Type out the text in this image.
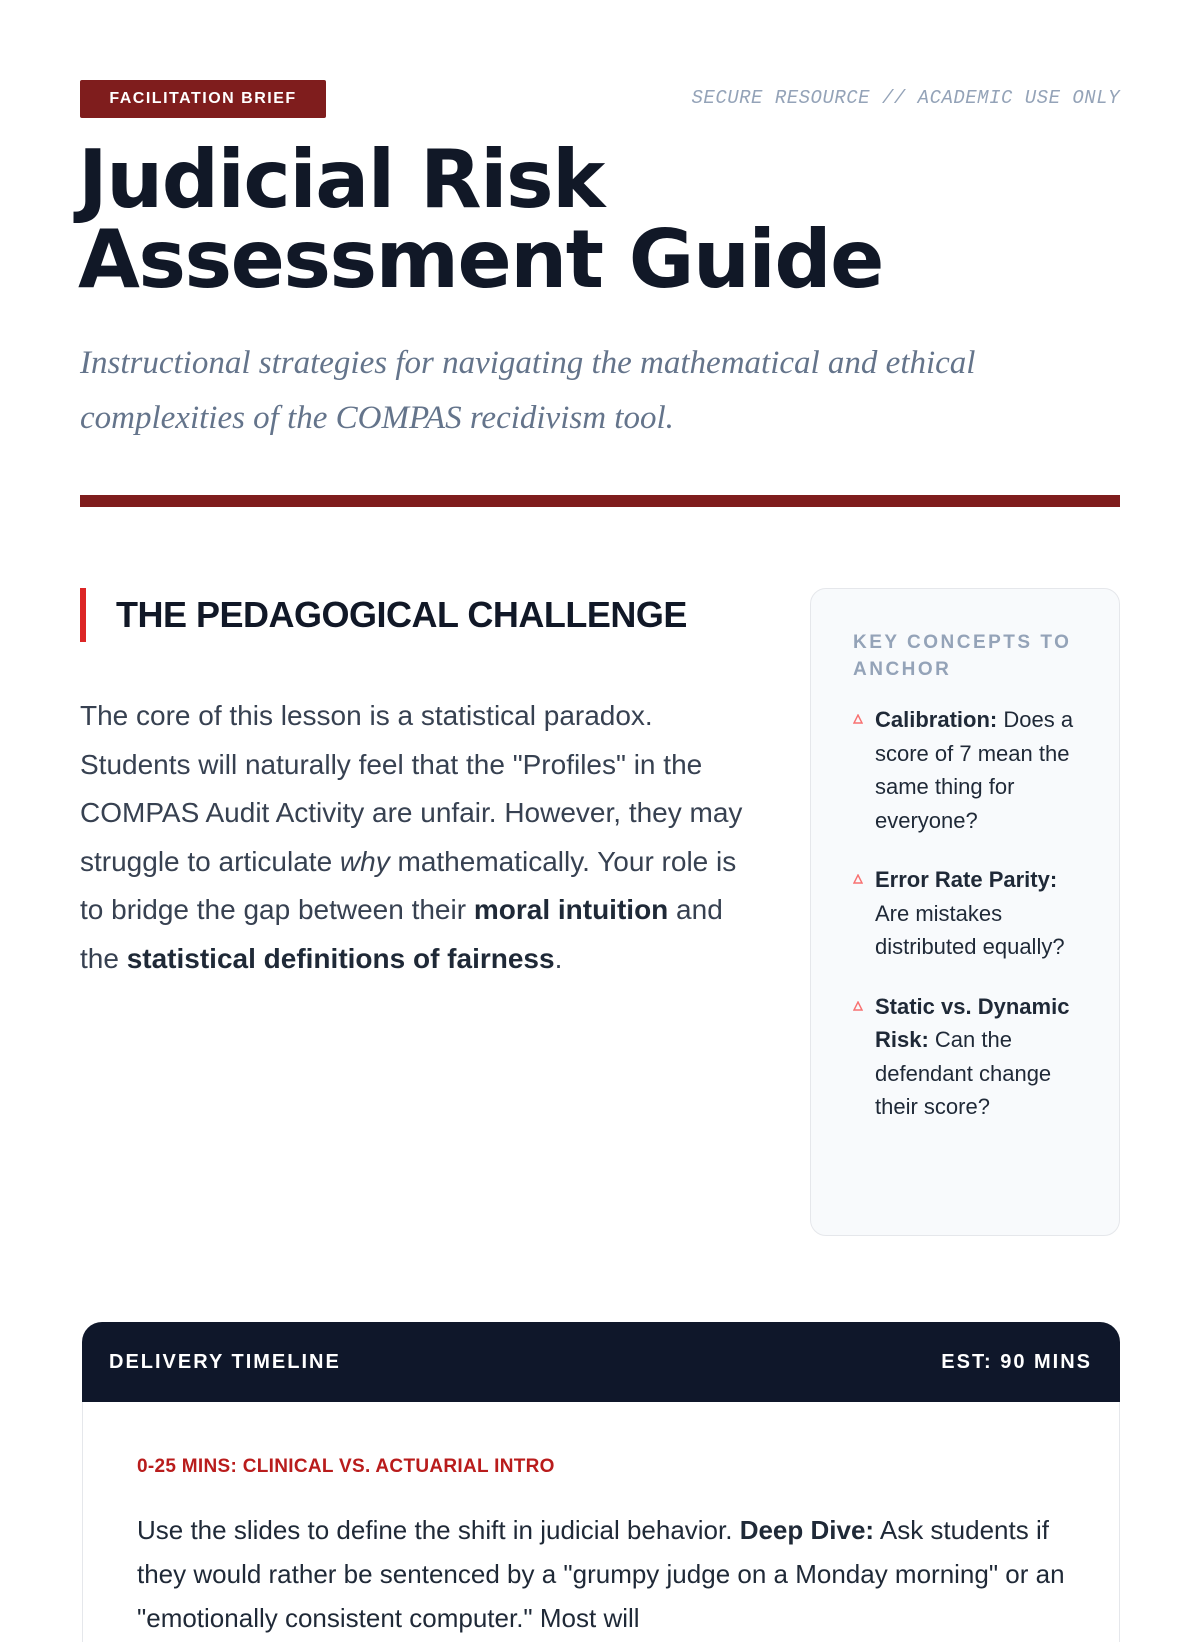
FACILITATION BRIEF	SECURE RESOURCE // ACADEMIC USE ONLY
Judicial Risk
Assessment Guide

Instructional strategies for navigating the mathematical and ethical complexities of the COMPAS recidivism tool.

THE PEDAGOGICAL CHALLENGE

The core of this lesson is a statistical paradox. Students will naturally feel that the "Profiles" in the COMPAS Audit Activity are unfair. However, they may struggle to articulate why mathematically. Your role is to bridge the gap between their moral intuition and the statistical definitions of fairness.

KEY CONCEPTS TO ANCHOR
Calibration: Does a score of 7 mean the same thing for everyone?
Error Rate Parity: Are mistakes distributed equally?
Static vs. Dynamic Risk: Can the defendant change their score?
DELIVERY TIMELINE	EST: 90 MINS
0-25 MINS: CLINICAL VS. ACTUARIAL INTRO
Use the slides to define the shift in judicial behavior. Deep Dive: Ask students if they would rather be sentenced by a "grumpy judge on a Monday morning" or an "emotionally consistent computer." Most will
